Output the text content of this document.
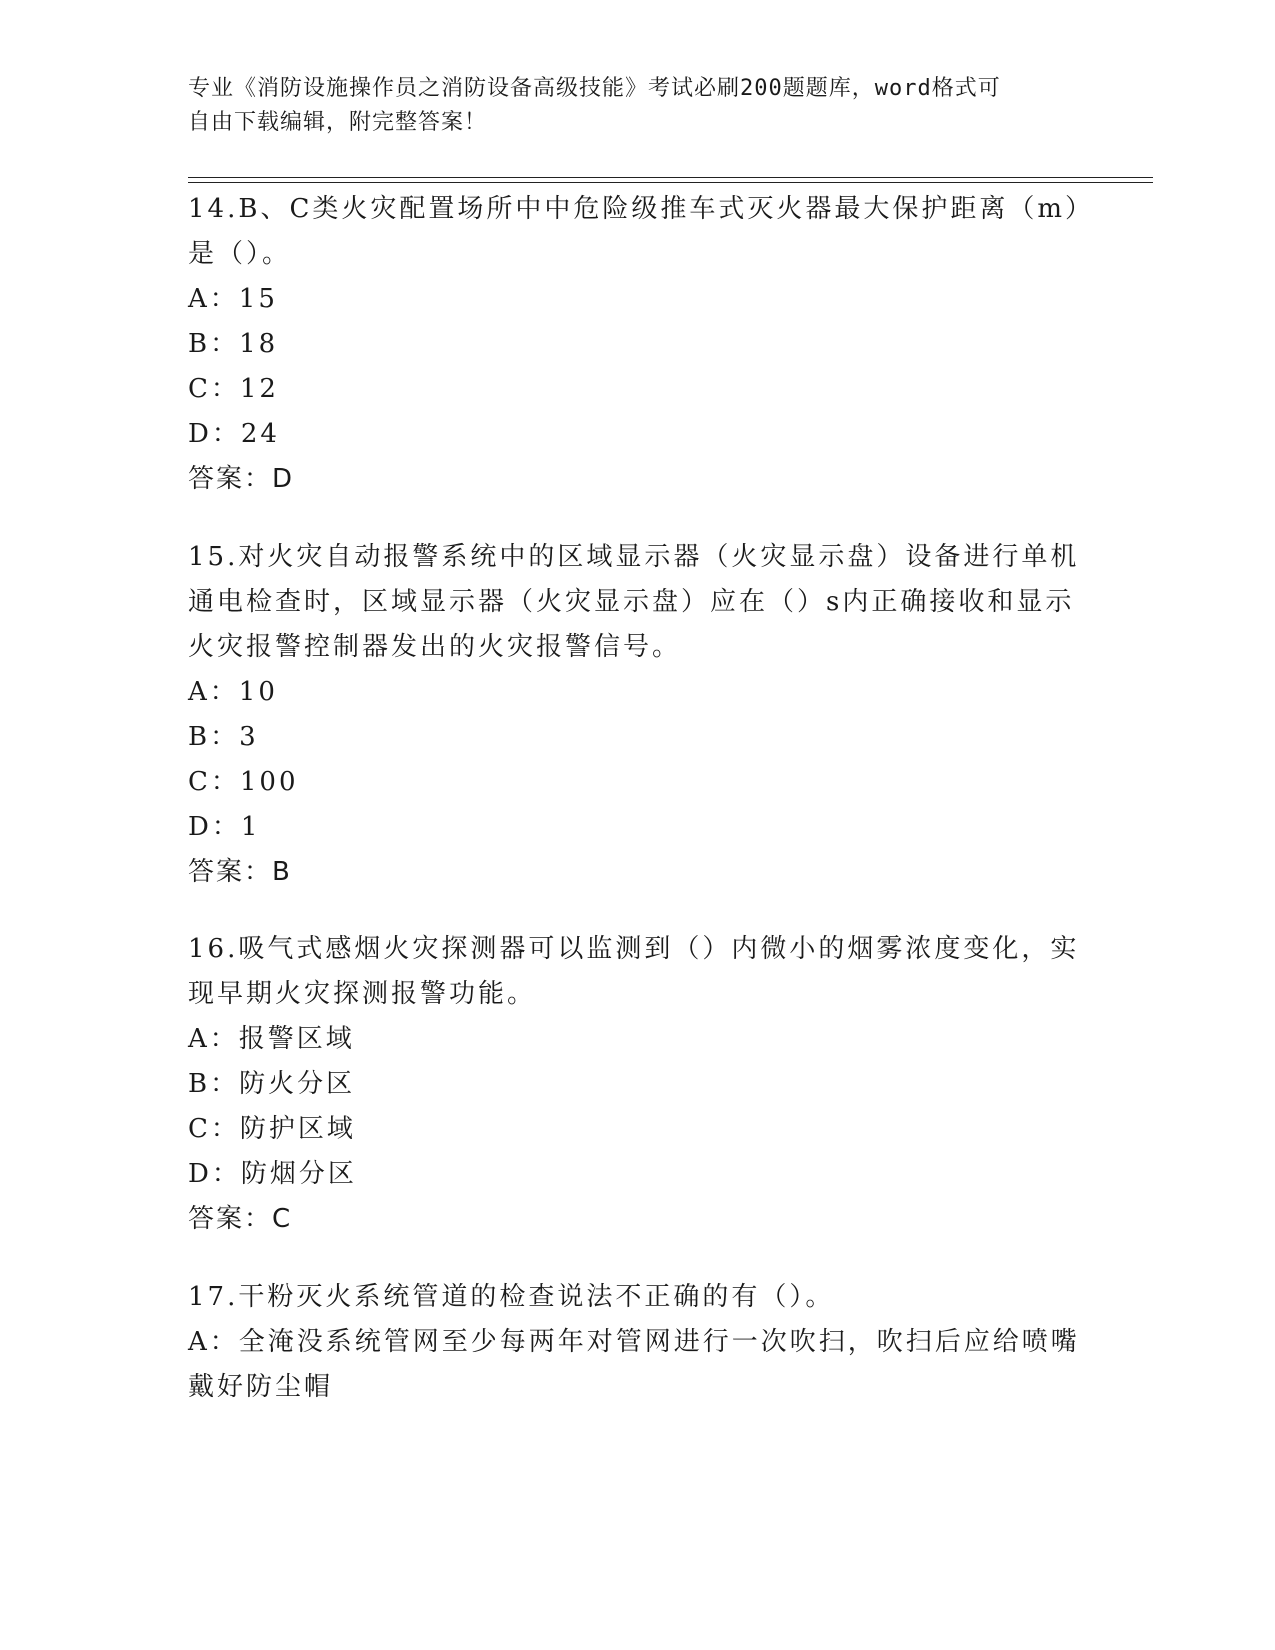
专业《消防设施操作员之消防设备高级技能》考试必刷200题题库，word格式可
自由下载编辑，附完整答案！
14.B、C类火灾配置场所中中危险级推车式灭火器最大保护距离（m）
是（）。
A：15
B：18
C：12
D：24
答案：D
15.对火灾自动报警系统中的区域显示器（火灾显示盘）设备进行单机
通电检查时，区域显示器（火灾显示盘）应在（）s内正确接收和显示
火灾报警控制器发出的火灾报警信号。
A：10
B：3
C：100
D：1
答案：B
16.吸气式感烟火灾探测器可以监测到（）内微小的烟雾浓度变化，实
现早期火灾探测报警功能。
A：报警区域
B：防火分区
C：防护区域
D：防烟分区
答案：C
17.干粉灭火系统管道的检查说法不正确的有（）。
A：全淹没系统管网至少每两年对管网进行一次吹扫，吹扫后应给喷嘴
戴好防尘帽
